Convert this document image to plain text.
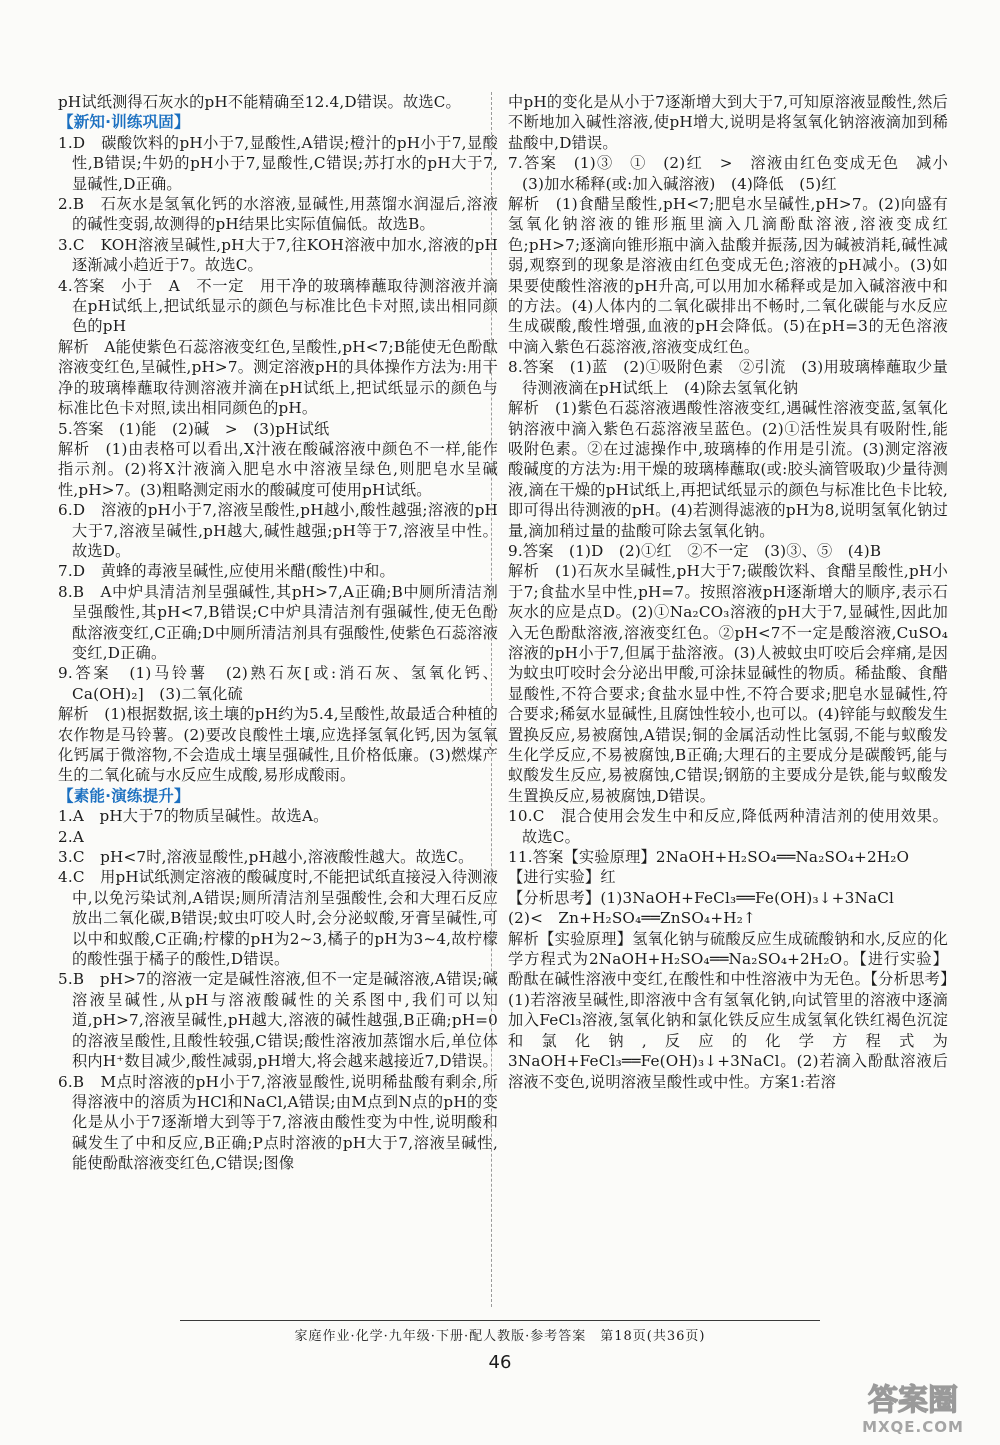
pH试纸测得石灰水的pH不能精确至12.4,D错误。故选C。

【新知·训练巩固】

1.D　碳酸饮料的pH小于7,显酸性,A错误;橙汁的pH小于7,显酸性,B错误;牛奶的pH小于7,显酸性,C错误;苏打水的pH大于7,显碱性,D正确。

2.B　石灰水是氢氧化钙的水溶液,显碱性,用蒸馏水润湿后,溶液的碱性变弱,故测得的pH结果比实际值偏低。故选B。

3.C　KOH溶液呈碱性,pH大于7,往KOH溶液中加水,溶液的pH逐渐减小趋近于7。故选C。

4.答案　小于　A　不一定　用干净的玻璃棒蘸取待测溶液并滴在pH试纸上,把试纸显示的颜色与标准比色卡对照,读出相同颜色的pH

解析　A能使紫色石蕊溶液变红色,呈酸性,pH<7;B能使无色酚酞溶液变红色,呈碱性,pH>7。测定溶液pH的具体操作方法为:用干净的玻璃棒蘸取待测溶液并滴在pH试纸上,把试纸显示的颜色与标准比色卡对照,读出相同颜色的pH。

5.答案　(1)能　(2)碱　>　(3)pH试纸

解析　(1)由表格可以看出,X汁液在酸碱溶液中颜色不一样,能作指示剂。(2)将X汁液滴入肥皂水中溶液呈绿色,则肥皂水呈碱性,pH>7。(3)粗略测定雨水的酸碱度可使用pH试纸。

6.D　溶液的pH小于7,溶液呈酸性,pH越小,酸性越强;溶液的pH大于7,溶液呈碱性,pH越大,碱性越强;pH等于7,溶液呈中性。故选D。

7.D　黄蜂的毒液呈碱性,应使用米醋(酸性)中和。

8.B　A中炉具清洁剂呈强碱性,其pH>7,A正确;B中厕所清洁剂呈强酸性,其pH<7,B错误;C中炉具清洁剂有强碱性,使无色酚酞溶液变红,C正确;D中厕所清洁剂具有强酸性,使紫色石蕊溶液变红,D正确。

9.答案　(1)马铃薯　(2)熟石灰[或:消石灰、氢氧化钙、Ca(OH)₂]　(3)二氧化硫

解析　(1)根据数据,该土壤的pH约为5.4,呈酸性,故最适合种植的农作物是马铃薯。(2)要改良酸性土壤,应选择氢氧化钙,因为氢氧化钙属于微溶物,不会造成土壤呈强碱性,且价格低廉。(3)燃煤产生的二氧化硫与水反应生成酸,易形成酸雨。

【素能·演练提升】

1.A　pH大于7的物质呈碱性。故选A。

2.A

3.C　pH<7时,溶液显酸性,pH越小,溶液酸性越大。故选C。

4.C　用pH试纸测定溶液的酸碱度时,不能把试纸直接浸入待测液中,以免污染试剂,A错误;厕所清洁剂呈强酸性,会和大理石反应放出二氧化碳,B错误;蚊虫叮咬人时,会分泌蚁酸,牙膏呈碱性,可以中和蚁酸,C正确;柠檬的pH为2~3,橘子的pH为3~4,故柠檬的酸性强于橘子的酸性,D错误。

5.B　pH>7的溶液一定是碱性溶液,但不一定是碱溶液,A错误;碱溶液呈碱性,从pH与溶液酸碱性的关系图中,我们可以知道,pH>7,溶液呈碱性,pH越大,溶液的碱性越强,B正确;pH=0的溶液呈酸性,且酸性较强,C错误;酸性溶液加蒸馏水后,单位体积内H⁺数目减少,酸性减弱,pH增大,将会越来越接近7,D错误。

6.B　M点时溶液的pH小于7,溶液显酸性,说明稀盐酸有剩余,所得溶液中的溶质为HCl和NaCl,A错误;由M点到N点的pH的变化是从小于7逐渐增大到等于7,溶液由酸性变为中性,说明酸和碱发生了中和反应,B正确;P点时溶液的pH大于7,溶液呈碱性,能使酚酞溶液变红色,C错误;图像

中pH的变化是从小于7逐渐增大到大于7,可知原溶液显酸性,然后不断地加入碱性溶液,使pH增大,说明是将氢氧化钠溶液滴加到稀盐酸中,D错误。

7.答案　(1)③　①　(2)红　>　溶液由红色变成无色　减小　(3)加水稀释(或:加入碱溶液)　(4)降低　(5)红

解析　(1)食醋呈酸性,pH<7;肥皂水呈碱性,pH>7。(2)向盛有氢氧化钠溶液的锥形瓶里滴入几滴酚酞溶液,溶液变成红色;pH>7;逐滴向锥形瓶中滴入盐酸并振荡,因为碱被消耗,碱性减弱,观察到的现象是溶液由红色变成无色;溶液的pH减小。(3)如果要使酸性溶液的pH升高,可以用加水稀释或是加入碱溶液中和的方法。(4)人体内的二氧化碳排出不畅时,二氧化碳能与水反应生成碳酸,酸性增强,血液的pH会降低。(5)在pH=3的无色溶液中滴入紫色石蕊溶液,溶液变成红色。

8.答案　(1)蓝　(2)①吸附色素　②引流　(3)用玻璃棒蘸取少量待测液滴在pH试纸上　(4)除去氢氧化钠

解析　(1)紫色石蕊溶液遇酸性溶液变红,遇碱性溶液变蓝,氢氧化钠溶液中滴入紫色石蕊溶液呈蓝色。(2)①活性炭具有吸附性,能吸附色素。②在过滤操作中,玻璃棒的作用是引流。(3)测定溶液酸碱度的方法为:用干燥的玻璃棒蘸取(或:胶头滴管吸取)少量待测液,滴在干燥的pH试纸上,再把试纸显示的颜色与标准比色卡比较,即可得出待测液的pH。(4)若测得滤液的pH为8,说明氢氧化钠过量,滴加稍过量的盐酸可除去氢氧化钠。

9.答案　(1)D　(2)①红　②不一定　(3)③、⑤　(4)B

解析　(1)石灰水呈碱性,pH大于7;碳酸饮料、食醋呈酸性,pH小于7;食盐水呈中性,pH=7。按照溶液pH逐渐增大的顺序,表示石灰水的应是点D。(2)①Na₂CO₃溶液的pH大于7,显碱性,因此加入无色酚酞溶液,溶液变红色。②pH<7不一定是酸溶液,CuSO₄溶液的pH小于7,但属于盐溶液。(3)人被蚊虫叮咬后会痒痛,是因为蚊虫叮咬时会分泌出甲酸,可涂抹显碱性的物质。稀盐酸、食醋显酸性,不符合要求;食盐水显中性,不符合要求;肥皂水显碱性,符合要求;稀氨水显碱性,且腐蚀性较小,也可以。(4)锌能与蚁酸发生置换反应,易被腐蚀,A错误;铜的金属活动性比氢弱,不能与蚁酸发生化学反应,不易被腐蚀,B正确;大理石的主要成分是碳酸钙,能与蚁酸发生反应,易被腐蚀,C错误;钢筋的主要成分是铁,能与蚁酸发生置换反应,易被腐蚀,D错误。

10.C　混合使用会发生中和反应,降低两种清洁剂的使用效果。故选C。

11.答案【实验原理】2NaOH+H₂SO₄══Na₂SO₄+2H₂O

【进行实验】红

【分析思考】(1)3NaOH+FeCl₃══Fe(OH)₃↓+3NaCl

(2)<　Zn+H₂SO₄══ZnSO₄+H₂↑

解析【实验原理】氢氧化钠与硫酸反应生成硫酸钠和水,反应的化学方程式为2NaOH+H₂SO₄══Na₂SO₄+2H₂O。【进行实验】酚酞在碱性溶液中变红,在酸性和中性溶液中为无色。【分析思考】(1)若溶液呈碱性,即溶液中含有氢氧化钠,向试管里的溶液中逐滴加入FeCl₃溶液,氢氧化钠和氯化铁反应生成氢氧化铁红褐色沉淀和氯化钠,反应的化学方程式为3NaOH+FeCl₃══Fe(OH)₃↓+3NaCl。(2)若滴入酚酞溶液后溶液不变色,说明溶液呈酸性或中性。方案1:若溶

家庭作业·化学·九年级·下册·配人教版·参考答案　第18页(共36页)
46
答案圈
MXQE.COM
